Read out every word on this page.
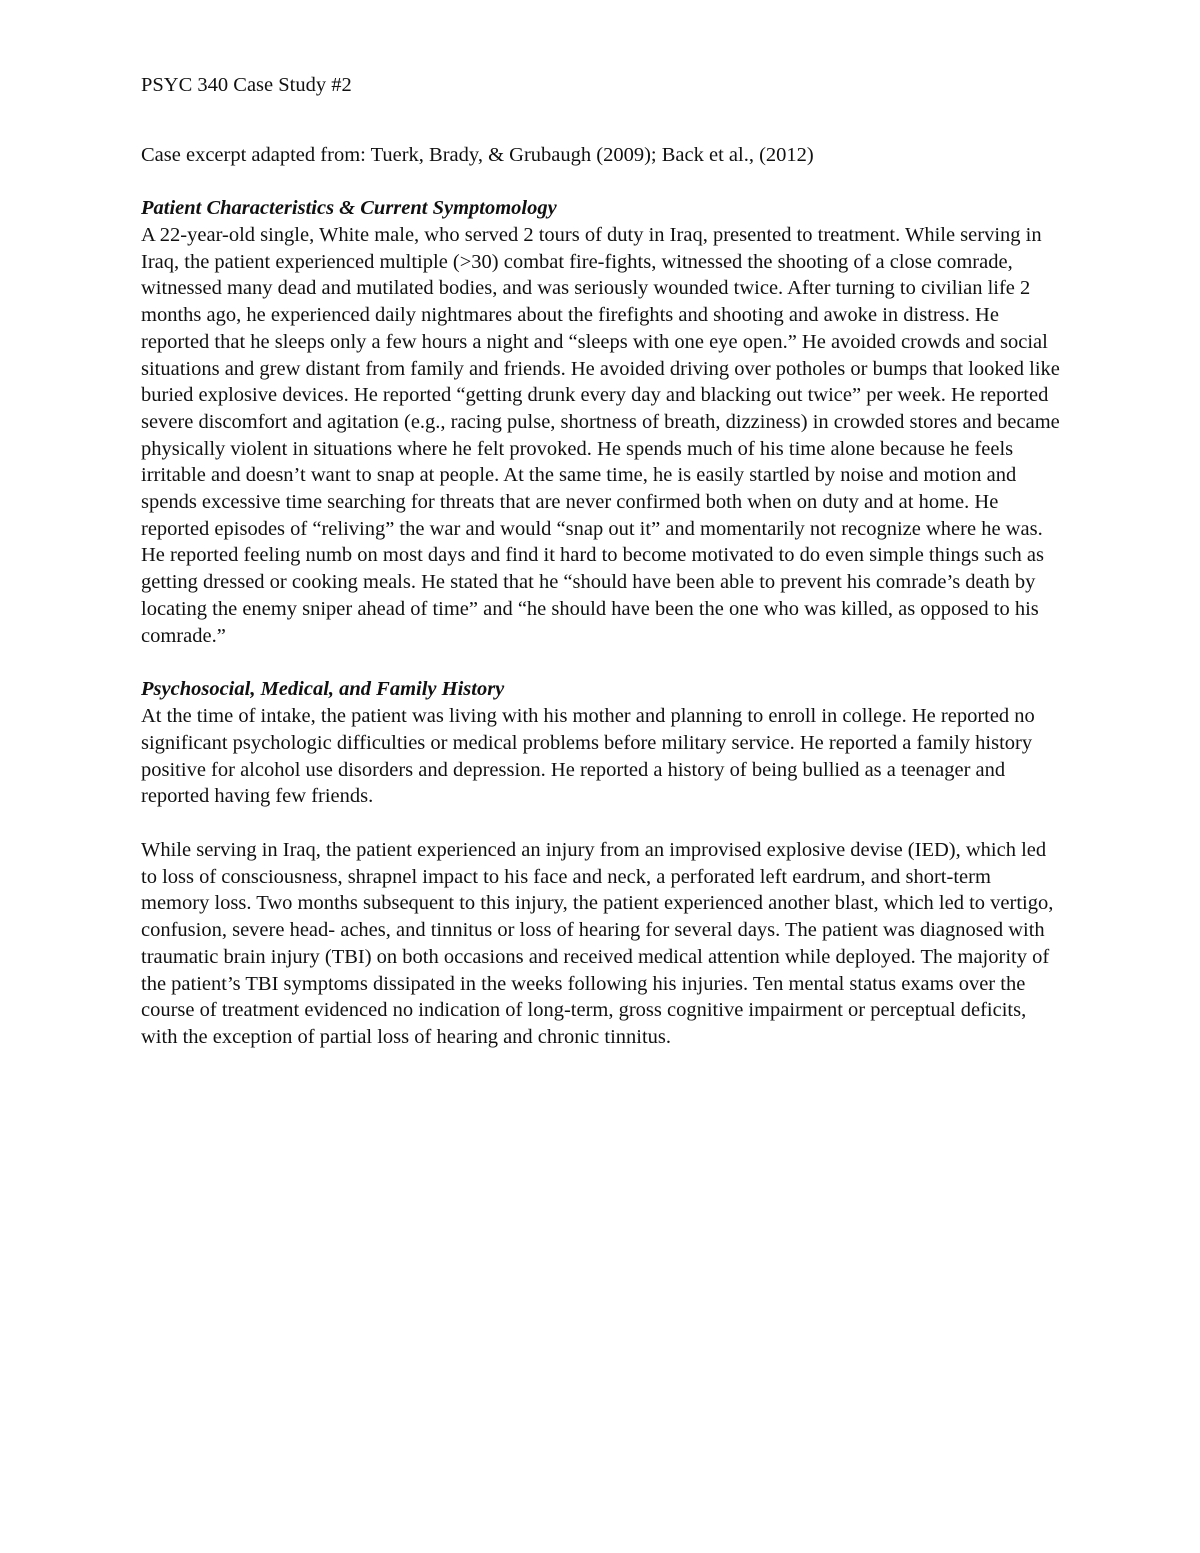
PSYC 340 Case Study #2

Case excerpt adapted from: Tuerk, Brady, & Grubaugh (2009); Back et al., (2012)

Patient Characteristics & Current Symptomology

A 22-year-old single, White male, who served 2 tours of duty in Iraq, presented to treatment. While serving in Iraq, the patient experienced multiple (>30) combat fire-fights, witnessed the shooting of a close comrade, witnessed many dead and mutilated bodies, and was seriously wounded twice. After turning to civilian life 2 months ago, he experienced daily nightmares about the firefights and shooting and awoke in distress. He reported that he sleeps only a few hours a night and “sleeps with one eye open.” He avoided crowds and social situations and grew distant from family and friends. He avoided driving over potholes or bumps that looked like buried explosive devices. He reported “getting drunk every day and blacking out twice” per week. He reported severe discomfort and agitation (e.g., racing pulse, shortness of breath, dizziness) in crowded stores and became physically violent in situations where he felt provoked. He spends much of his time alone because he feels irritable and doesn’t want to snap at people. At the same time, he is easily startled by noise and motion and spends excessive time searching for threats that are never confirmed both when on duty and at home. He reported episodes of “reliving” the war and would “snap out it” and momentarily not recognize where he was. He reported feeling numb on most days and find it hard to become motivated to do even simple things such as getting dressed or cooking meals. He stated that he “should have been able to prevent his comrade’s death by locating the enemy sniper ahead of time” and “he should have been the one who was killed, as opposed to his comrade.”

Psychosocial, Medical, and Family History

At the time of intake, the patient was living with his mother and planning to enroll in college. He reported no significant psychologic difficulties or medical problems before military service. He reported a family history positive for alcohol use disorders and depression. He reported a history of being bullied as a teenager and reported having few friends.

While serving in Iraq, the patient experienced an injury from an improvised explosive devise (IED), which led to loss of consciousness, shrapnel impact to his face and neck, a perforated left eardrum, and short-term memory loss. Two months subsequent to this injury, the patient experienced another blast, which led to vertigo, confusion, severe head- aches, and tinnitus or loss of hearing for several days. The patient was diagnosed with traumatic brain injury (TBI) on both occasions and received medical attention while deployed. The majority of the patient’s TBI symptoms dissipated in the weeks following his injuries. Ten mental status exams over the course of treatment evidenced no indication of long-term, gross cognitive impairment or perceptual deficits, with the exception of partial loss of hearing and chronic tinnitus.
